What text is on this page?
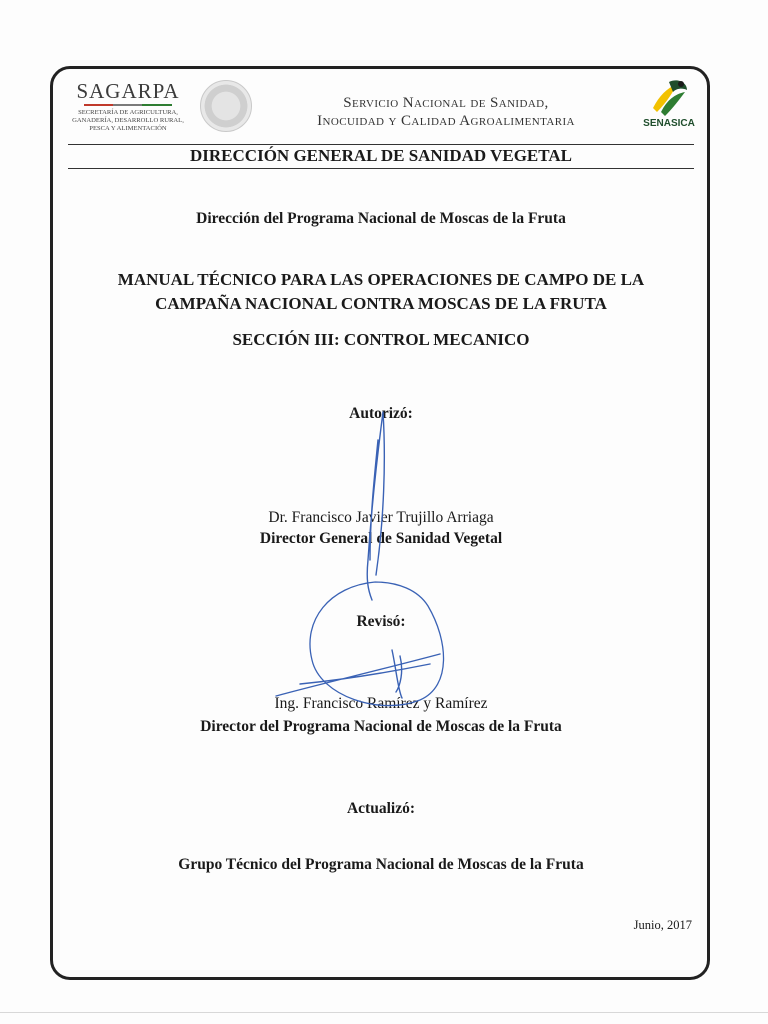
SAGARPA
SECRETARÍA DE AGRICULTURA,
GANADERÍA, DESARROLLO RURAL,
PESCA Y ALIMENTACIÓN
Servicio Nacional de Sanidad,
Inocuidad y Calidad Agroalimentaria	SENASICA
DIRECCIÓN GENERAL DE SANIDAD VEGETAL
Dirección del Programa Nacional de Moscas de la Fruta
MANUAL TÉCNICO PARA LAS OPERACIONES DE CAMPO DE LA
CAMPAÑA NACIONAL CONTRA MOSCAS DE LA FRUTA
SECCIÓN III: CONTROL MECANICO
Autorizó:
Dr. Francisco Javier Trujillo Arriaga
Director General de Sanidad Vegetal
Revisó:
Ing. Francisco Ramírez y Ramírez
Director del Programa Nacional de Moscas de la Fruta
Actualizó:
Grupo Técnico del Programa Nacional de Moscas de la Fruta
Junio, 2017
